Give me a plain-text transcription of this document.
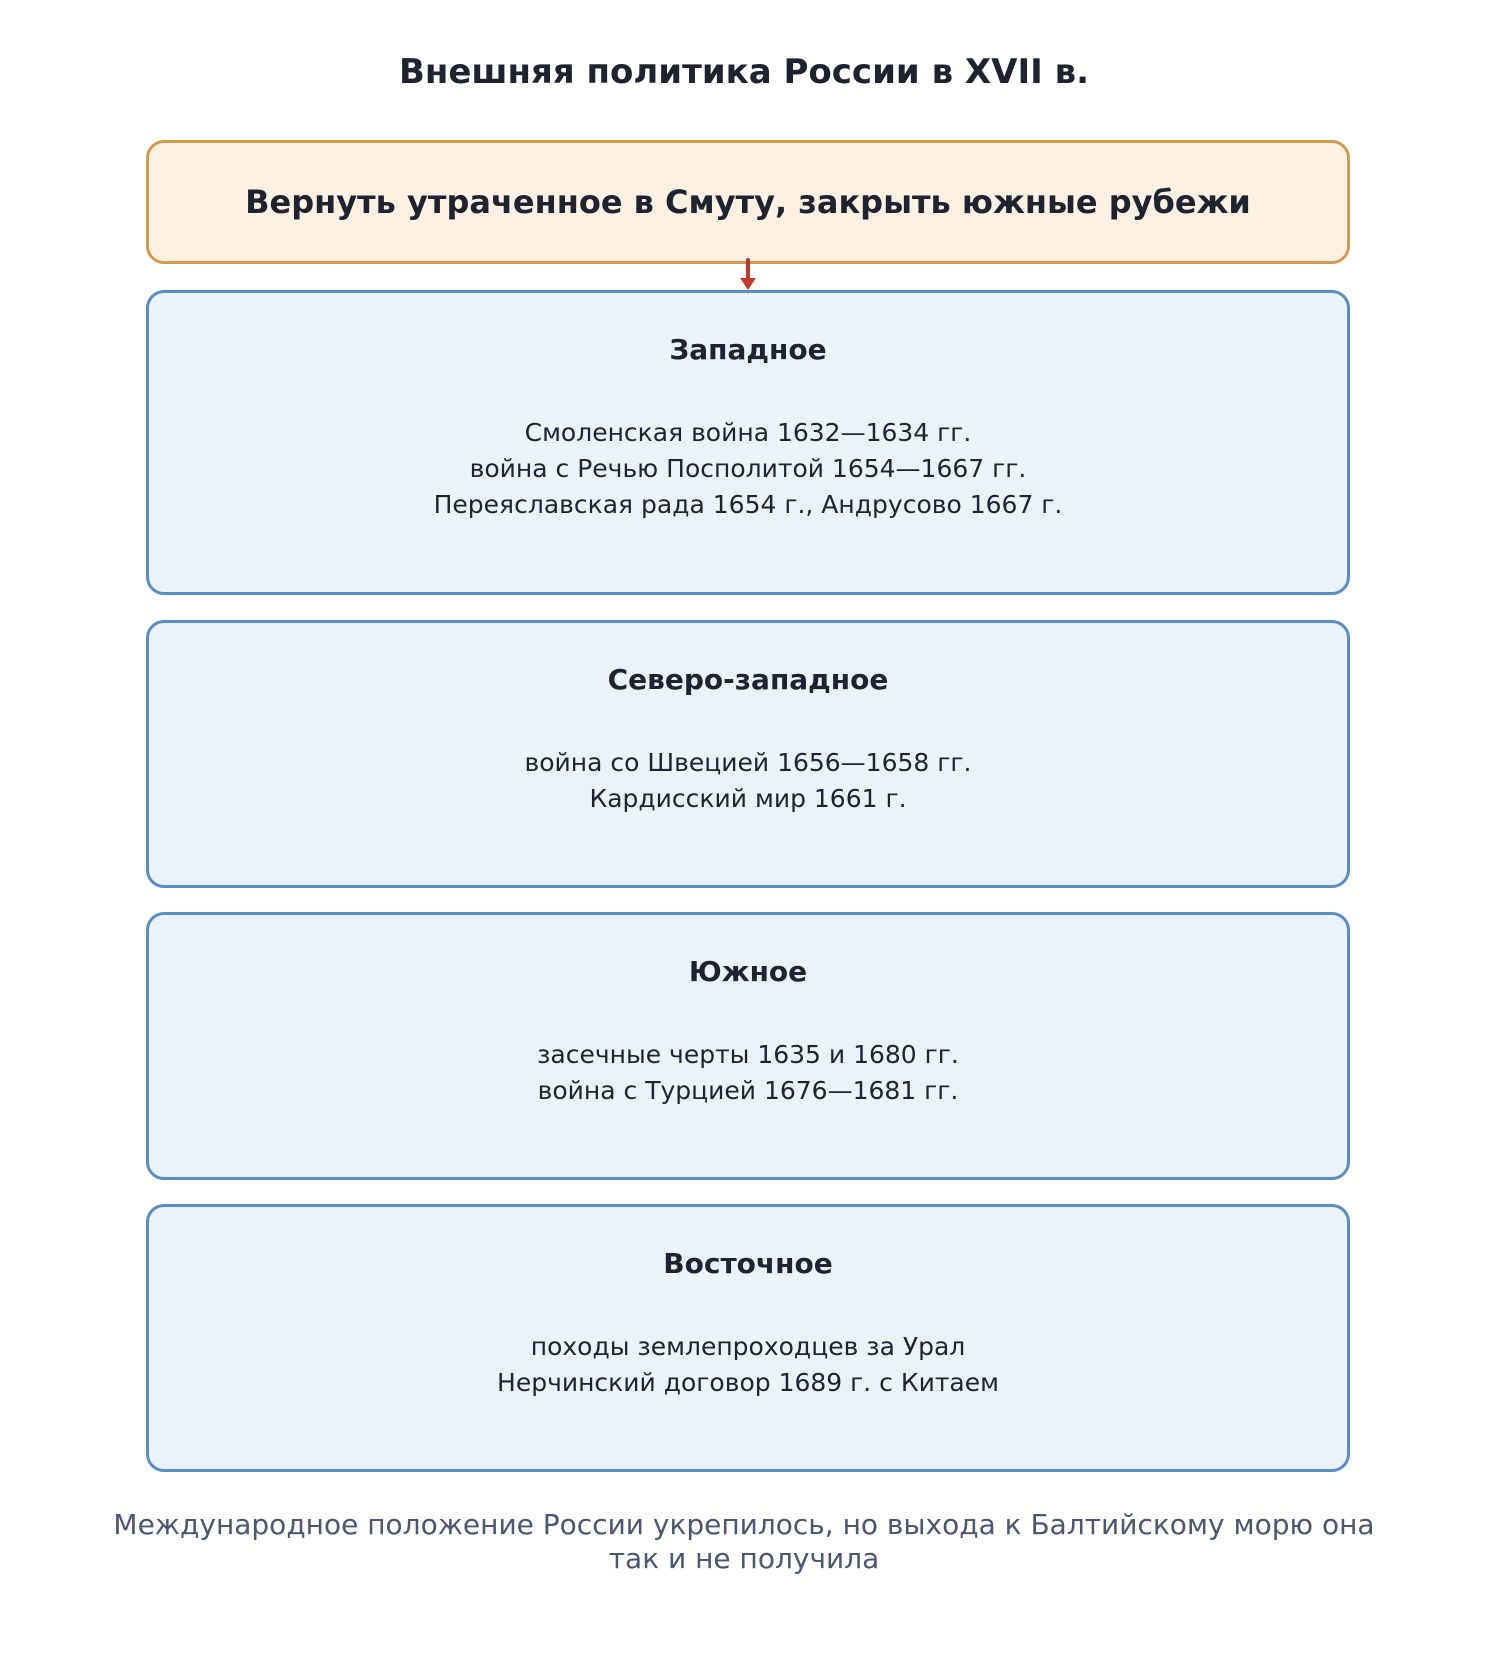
Внешняя политика России в XVII в.
Вернуть утраченное в Смуту, закрыть южные рубежи
Западное
Смоленская война 1632—1634 гг.
война с Речью Посполитой 1654—1667 гг.
Переяславская рада 1654 г., Андрусово 1667 г.
Северо-западное
война со Швецией 1656—1658 гг.
Кардисский мир 1661 г.
Южное
засечные черты 1635 и 1680 гг.
война с Турцией 1676—1681 гг.
Восточное
походы землепроходцев за Урал
Нерчинский договор 1689 г. с Китаем
Международное положение России укрепилось, но выхода к Балтийскому морю она
так и не получила
